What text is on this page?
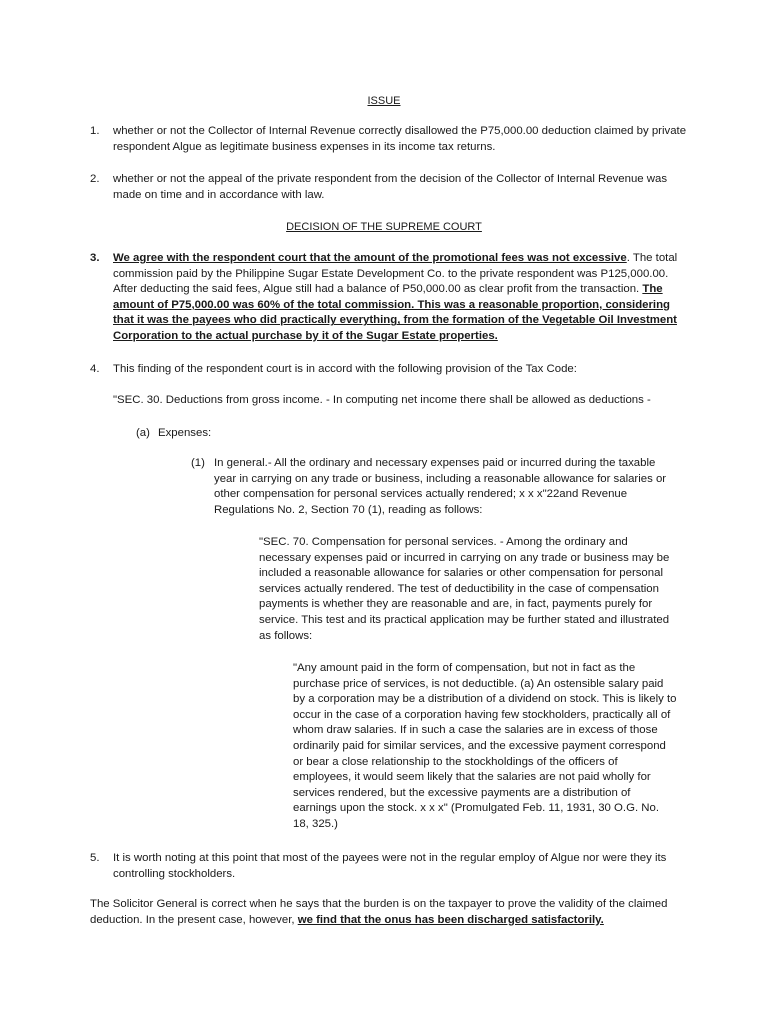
ISSUE
1. whether or not the Collector of Internal Revenue correctly disallowed the P75,000.00 deduction claimed by private respondent Algue as legitimate business expenses in its income tax returns.
2. whether or not the appeal of the private respondent from the decision of the Collector of Internal Revenue was made on time and in accordance with law.
DECISION OF THE SUPREME COURT
3. We agree with the respondent court that the amount of the promotional fees was not excessive. The total commission paid by the Philippine Sugar Estate Development Co. to the private respondent was P125,000.00. After deducting the said fees, Algue still had a balance of P50,000.00 as clear profit from the transaction. The amount of P75,000.00 was 60% of the total commission. This was a reasonable proportion, considering that it was the payees who did practically everything, from the formation of the Vegetable Oil Investment Corporation to the actual purchase by it of the Sugar Estate properties.
4. This finding of the respondent court is in accord with the following provision of the Tax Code:
"SEC. 30. Deductions from gross income. - In computing net income there shall be allowed as deductions -
(a) Expenses:
(1) In general.- All the ordinary and necessary expenses paid or incurred during the taxable year in carrying on any trade or business, including a reasonable allowance for salaries or other compensation for personal services actually rendered; x x x"22and Revenue Regulations No. 2, Section 70 (1), reading as follows:
"SEC. 70. Compensation for personal services. - Among the ordinary and necessary expenses paid or incurred in carrying on any trade or business may be included a reasonable allowance for salaries or other compensation for personal services actually rendered. The test of deductibility in the case of compensation payments is whether they are reasonable and are, in fact, payments purely for service. This test and its practical application may be further stated and illustrated as follows:
"Any amount paid in the form of compensation, but not in fact as the purchase price of services, is not deductible. (a) An ostensible salary paid by a corporation may be a distribution of a dividend on stock. This is likely to occur in the case of a corporation having few stockholders, practically all of whom draw salaries. If in such a case the salaries are in excess of those ordinarily paid for similar services, and the excessive payment correspond or bear a close relationship to the stockholdings of the officers of employees, it would seem likely that the salaries are not paid wholly for services rendered, but the excessive payments are a distribution of earnings upon the stock. x x x" (Promulgated Feb. 11, 1931, 30 O.G. No. 18, 325.)
5. It is worth noting at this point that most of the payees were not in the regular employ of Algue nor were they its controlling stockholders.
The Solicitor General is correct when he says that the burden is on the taxpayer to prove the validity of the claimed deduction. In the present case, however, we find that the onus has been discharged satisfactorily.
